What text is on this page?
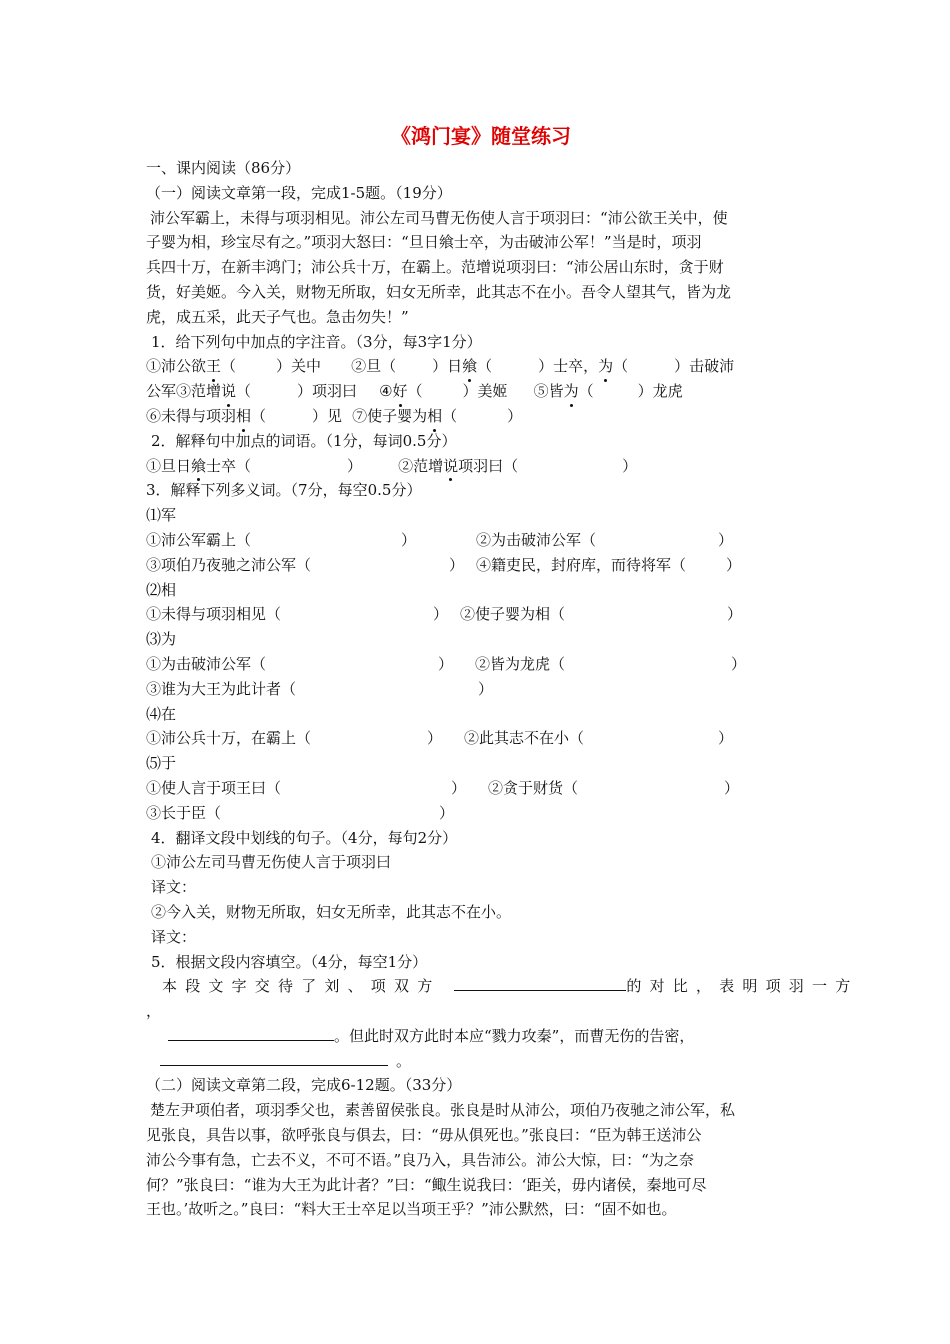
《鸿门宴》随堂练习
一、课内阅读（86分）
（一）阅读文章第一段，完成1-5题。（19分）
沛公军霸上，未得与项羽相见。沛公左司马曹无伤使人言于项羽曰：“沛公欲王关中，使
子婴为相，珍宝尽有之。”项羽大怒曰：“旦日飨士卒，为击破沛公军！”当是时，项羽
兵四十万，在新丰鸿门；沛公兵十万，在霸上。范增说项羽曰：“沛公居山东时，贪于财
货，好美姬。今入关，财物无所取，妇女无所幸，此其志不在小。吾令人望其气，皆为龙
虎，成五采，此天子气也。急击勿失！”
1．给下列句中加点的字注音。（3分，每3字1分）
①沛公欲王（	）关中 ②旦（ ）日飨（	）士卒，为（	）击破沛
公军③范增说（	）项羽曰 ④好（	）美姬 ⑤皆为（	）龙虎
⑥未得与项羽相（	）见 ⑦使子婴为相（	）
2．解释句中加点的词语。（1分，每词0.5分）
①旦日飨士卒（	） ②范增说项羽曰（	）
3．解释下列多义词。（7分，每空0.5分）
⑴军
①沛公军霸上（	）	②为击破沛公军（	）
③项伯乃夜驰之沛公军（	） ④籍吏民，封府库，而待将军（	）
⑵相
①未得与项羽相见（	） ②使子婴为相（	）
⑶为
①为击破沛公军（	） ②皆为龙虎（	）
③谁为大王为此计者（	）
⑷在
①沛公兵十万，在霸上（	） ②此其志不在小（	）
⑸于
①使人言于项王曰（	） ②贪于财货（	）
③长于臣（	）
4．翻译文段中划线的句子。（4分，每句2分）
①沛公左司马曹无伤使人言于项羽曰
译文：
②今入关，财物无所取，妇女无所幸，此其志不在小。
译文：
5．根据文段内容填空。（4分，每空1分）
本段文字交待了刘、项双方	的对比，表明项羽一方
，
。但此时双方此时本应“戮力攻秦”，而曹无伤的告密，
。
（二）阅读文章第二段，完成6-12题。（33分）
楚左尹项伯者，项羽季父也，素善留侯张良。张良是时从沛公，项伯乃夜驰之沛公军，私
见张良，具告以事，欲呼张良与俱去，曰：“毋从俱死也。”张良曰：“臣为韩王送沛公
沛公今事有急，亡去不义，不可不语。”良乃入，具告沛公。沛公大惊，曰：“为之奈
何？”张良曰：“谁为大王为此计者？”曰：“鲰生说我曰：‘距关，毋内诸侯，秦地可尽
王也。’故听之。”良曰：“料大王士卒足以当项王乎？”沛公默然，曰：“固不如也。
